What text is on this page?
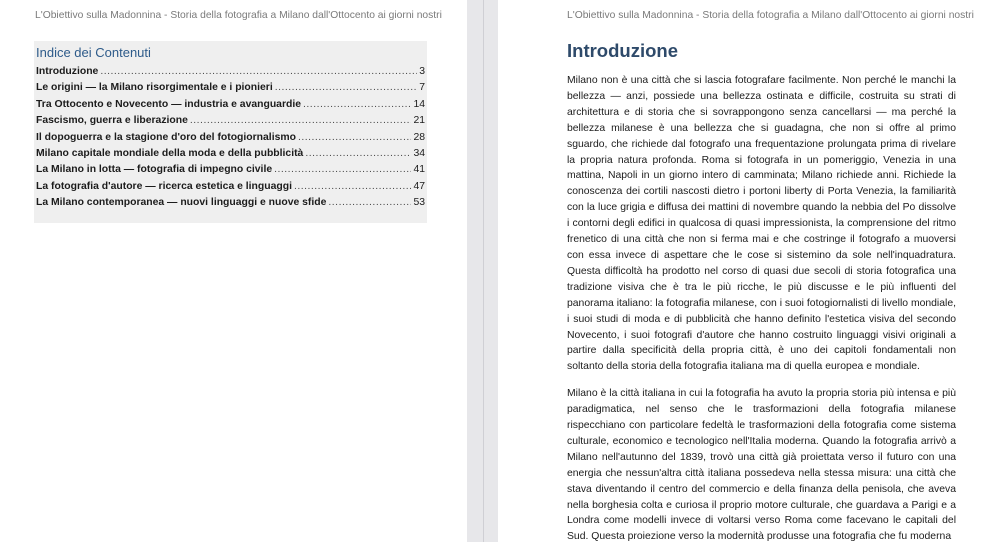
L'Obiettivo sulla Madonnina - Storia della fotografia a Milano dall'Ottocento ai giorni nostri
Indice dei Contenuti
Introduzione .....	3
Le origini — la Milano risorgimentale e i pionieri .....	7
Tra Ottocento e Novecento — industria e avanguardie .....	14
Fascismo, guerra e liberazione .....	21
Il dopoguerra e la stagione d'oro del fotogiornalismo .....	28
Milano capitale mondiale della moda e della pubblicità .....	34
La Milano in lotta — fotografia di impegno civile .....	41
La fotografia d'autore — ricerca estetica e linguaggi .....	47
La Milano contemporanea — nuovi linguaggi e nuove sfide .....	53
L'Obiettivo sulla Madonnina - Storia della fotografia a Milano dall'Ottocento ai giorni nostri
Introduzione

Milano non è una città che si lascia fotografare facilmente. Non perché le manchi la bellezza — anzi, possiede una bellezza ostinata e difficile, costruita su strati di architettura e di storia che si sovrappongono senza cancellarsi — ma perché la bellezza milanese è una bellezza che si guadagna, che non si offre al primo sguardo, che richiede dal fotografo una frequentazione prolungata prima di rivelare la propria natura profonda. Roma si fotografa in un pomeriggio, Venezia in una mattina, Napoli in un giorno intero di camminata; Milano richiede anni. Richiede la conoscenza dei cortili nascosti dietro i portoni liberty di Porta Venezia, la familiarità con la luce grigia e diffusa dei mattini di novembre quando la nebbia del Po dissolve i contorni degli edifici in qualcosa di quasi impressionista, la comprensione del ritmo frenetico di una città che non si ferma mai e che costringe il fotografo a muoversi con essa invece di aspettare che le cose si sistemino da sole nell'inquadratura. Questa difficoltà ha prodotto nel corso di quasi due secoli di storia fotografica una tradizione visiva che è tra le più ricche, le più discusse e le più influenti del panorama italiano: la fotografia milanese, con i suoi fotogiornalisti di livello mondiale, i suoi studi di moda e di pubblicità che hanno definito l'estetica visiva del secondo Novecento, i suoi fotografi d'autore che hanno costruito linguaggi visivi originali a partire dalla specificità della propria città, è uno dei capitoli fondamentali non soltanto della storia della fotografia italiana ma di quella europea e mondiale.

Milano è la città italiana in cui la fotografia ha avuto la propria storia più intensa e più paradigmatica, nel senso che le trasformazioni della fotografia milanese rispecchiano con particolare fedeltà le trasformazioni della fotografia come sistema culturale, economico e tecnologico nell'Italia moderna. Quando la fotografia arrivò a Milano nell'autunno del 1839, trovò una città già proiettata verso il futuro con una energia che nessun'altra città italiana possedeva nella stessa misura: una città che stava diventando il centro del commercio e della finanza della penisola, che aveva nella borghesia colta e curiosa il proprio motore culturale, che guardava a Parigi e a Londra come modelli invece di voltarsi verso Roma come facevano le capitali del Sud. Questa proiezione verso la modernità produsse una fotografia che fu moderna
